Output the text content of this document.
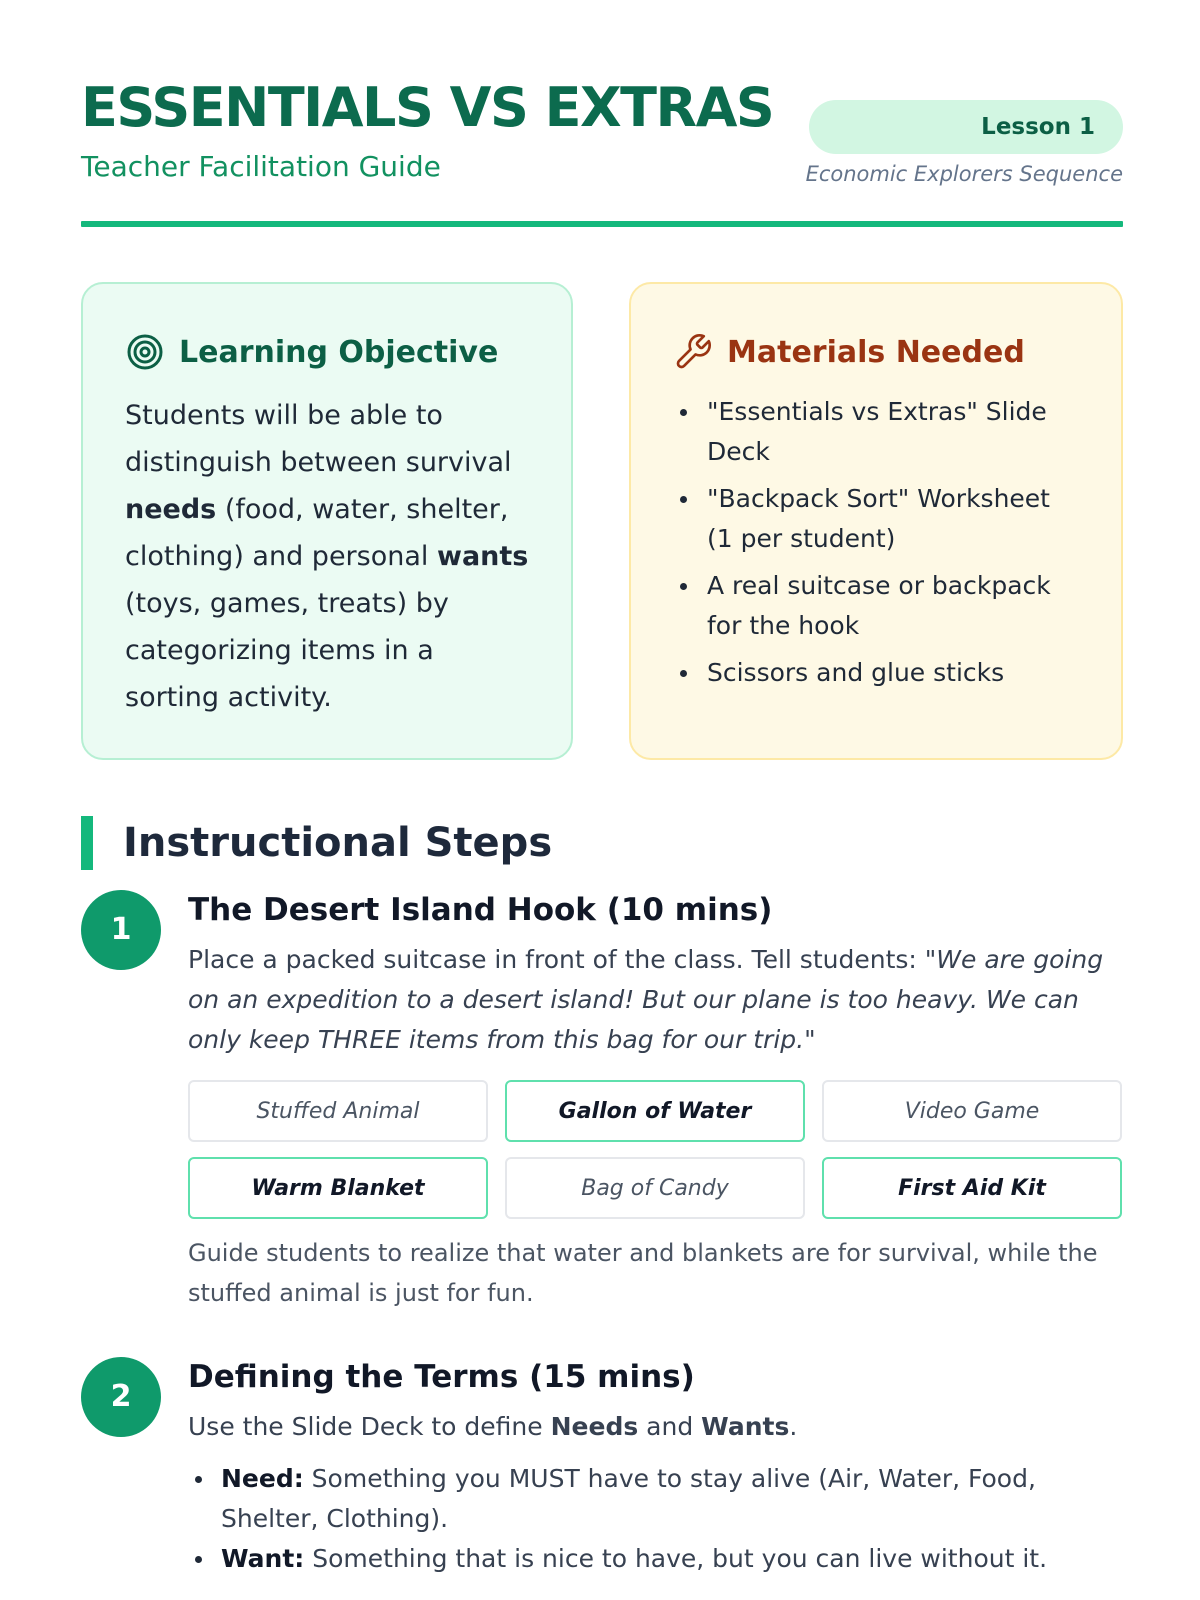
ESSENTIALS VS EXTRAS
Teacher Facilitation Guide
Lesson 1
Economic Explorers Sequence
Learning Objective

Students will be able to distinguish between survival needs (food, water, shelter, clothing) and personal wants (toys, games, treats) by categorizing items in a sorting activity.

Materials Needed
"Essentials vs Extras" Slide Deck
"Backpack Sort" Worksheet (1 per student)
A real suitcase or backpack for the hook
Scissors and glue sticks
Instructional Steps
1
The Desert Island Hook (10 mins)

Place a packed suitcase in front of the class. Tell students: "We are going on an expedition to a desert island! But our plane is too heavy. We can only keep THREE items from this bag for our trip."

Stuffed Animal	Gallon of Water	Video Game
Warm Blanket	Bag of Candy	First Aid Kit

Guide students to realize that water and blankets are for survival, while the stuffed animal is just for fun.

2
Defining the Terms (15 mins)

Use the Slide Deck to define Needs and Wants.

Need: Something you MUST have to stay alive (Air, Water, Food, Shelter, Clothing).
Want: Something that is nice to have, but you can live without it.
